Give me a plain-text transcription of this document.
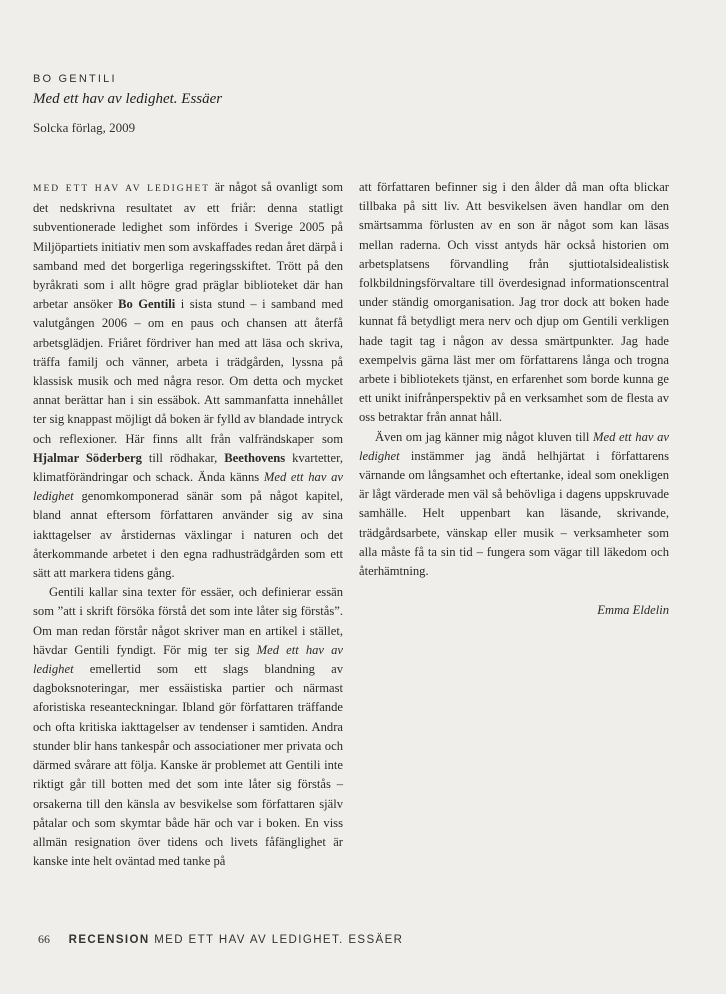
BO GENTILI
Med ett hav av ledighet. Essäer
Solcka förlag, 2009

MED ETT HAV AV LEDIGHET är något så ovanligt som det nedskrivna resultatet av ett friår: denna statligt subventionerade ledighet som infördes i Sverige 2005 på Miljöpartiets initiativ men som avskaffades redan året därpå i samband med det borgerliga regeringsskiftet. Trött på den byråkrati som i allt högre grad präglar biblioteket där han arbetar ansöker Bo Gentili i sista stund – i samband med valutgången 2006 – om en paus och chansen att återfå arbetsglädjen. Friåret fördriver han med att läsa och skriva, träffa familj och vänner, arbeta i trädgården, lyssna på klassisk musik och med några resor. Om detta och mycket annat berättar han i sin essäbok. Att sammanfatta innehållet ter sig knappast möjligt då boken är fylld av blandade intryck och reflexioner. Här finns allt från valfrändskaper som Hjalmar Söderberg till rödhakar, Beethovens kvartetter, klimatförändringar och schack. Ända känns Med ett hav av ledighet genomkomponerad sänär som på något kapitel, bland annat eftersom författaren använder sig av sina iakttagelser av årstidernas växlingar i naturen och det återkommande arbetet i den egna radhusträdgården som ett sätt att markera tidens gång.

Gentili kallar sina texter för essäer, och definierar essän som ”att i skrift försöka förstå det som inte låter sig förstås”. Om man redan förstår något skriver man en artikel i stället, hävdar Gentili fyndigt. För mig ter sig Med ett hav av ledighet emellertid som ett slags blandning av dagboksnoteringar, mer essäistiska partier och närmast aforistiska reseanteckningar. Ibland gör författaren träffande och ofta kritiska iakttagelser av tendenser i samtiden. Andra stunder blir hans tankespår och associationer mer privata och därmed svårare att följa. Kanske är problemet att Gentili inte riktigt går till botten med det som inte låter sig förstås – orsakerna till den känsla av besvikelse som författaren själv påtalar och som skymtar både här och var i boken. En viss allmän resignation över tidens och livets fåfänglighet är kanske inte helt oväntad med tanke på

att författaren befinner sig i den ålder då man ofta blickar tillbaka på sitt liv. Att besvikelsen även handlar om den smärtsamma förlusten av en son är något som kan läsas mellan raderna. Och visst antyds här också historien om arbetsplatsens förvandling från sjuttiotalsidealistisk folkbildningsförvaltare till överdesignad informationscentral under ständig omorganisation. Jag tror dock att boken hade kunnat få betydligt mera nerv och djup om Gentili verkligen hade tagit tag i någon av dessa smärtpunkter. Jag hade exempelvis gärna läst mer om författarens långa och trogna arbete i bibliotekets tjänst, en erfarenhet som borde kunna ge ett unikt inifrånperspektiv på en verksamhet som de flesta av oss betraktar från annat håll.

Även om jag känner mig något kluven till Med ett hav av ledighet instämmer jag ändå helhjärtat i författarens värnande om långsamhet och eftertanke, ideal som onekligen är lågt värderade men väl så behövliga i dagens uppskruvade samhälle. Helt uppenbart kan läsande, skrivande, trädgårdsarbete, vänskap eller musik – verksamheter som alla måste få ta sin tid – fungera som vägar till läkedom och återhämtning.

Emma Eldelin
66 RECENSION MED ETT HAV AV LEDIGHET. ESSÄER
